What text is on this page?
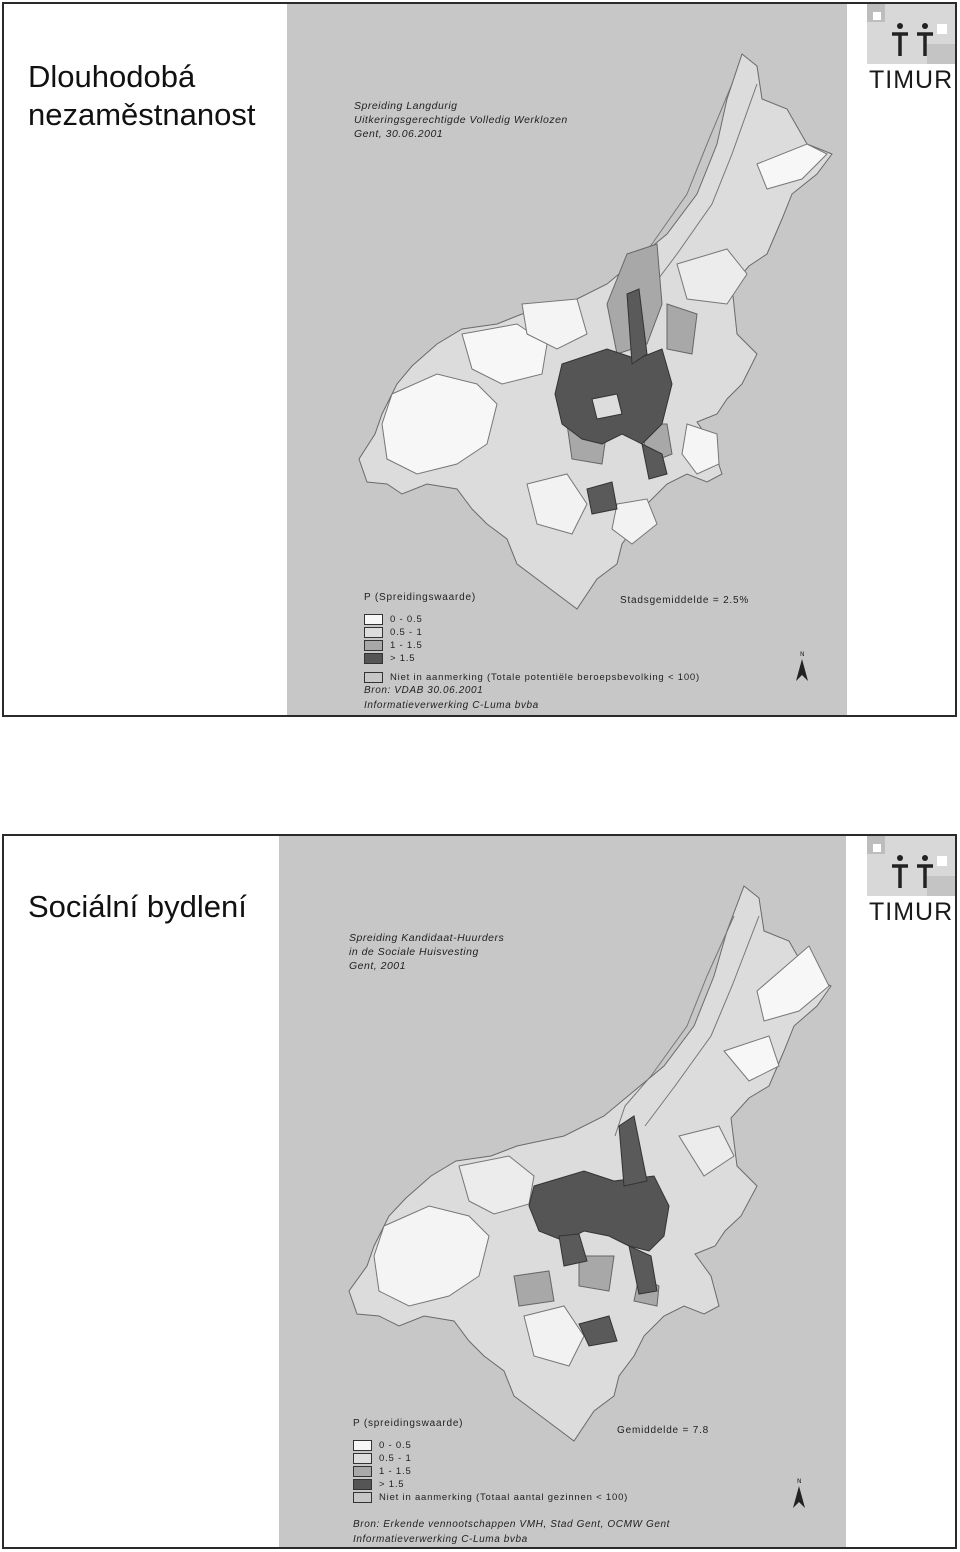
Dlouhodobá
nezaměstnanost	Spreiding Langdurig
Uitkeringsgerechtigde Volledig Werklozen
Gent, 30.06.2001
P (Spreidingswaarde)
0 - 0.5
0.5 - 1
1 - 1.5
> 1.5
Niet in aanmerking (Totale potentiële beroepsbevolking < 100)
Stadsgemiddelde = 2.5%
Bron: VDAB 30.06.2001
Informatieverwerking C-Luma bvba
N
TIMUR
Sociální bydlení
Spreiding Kandidaat-Huurders
in de Sociale Huisvesting
Gent, 2001
P (spreidingswaarde)
0 - 0.5
0.5 - 1
1 - 1.5
> 1.5
Niet in aanmerking (Totaal aantal gezinnen < 100)
Gemiddelde = 7.8
Bron: Erkende vennootschappen VMH, Stad Gent, OCMW Gent
Informatieverwerking C-Luma bvba
N
TIMUR
